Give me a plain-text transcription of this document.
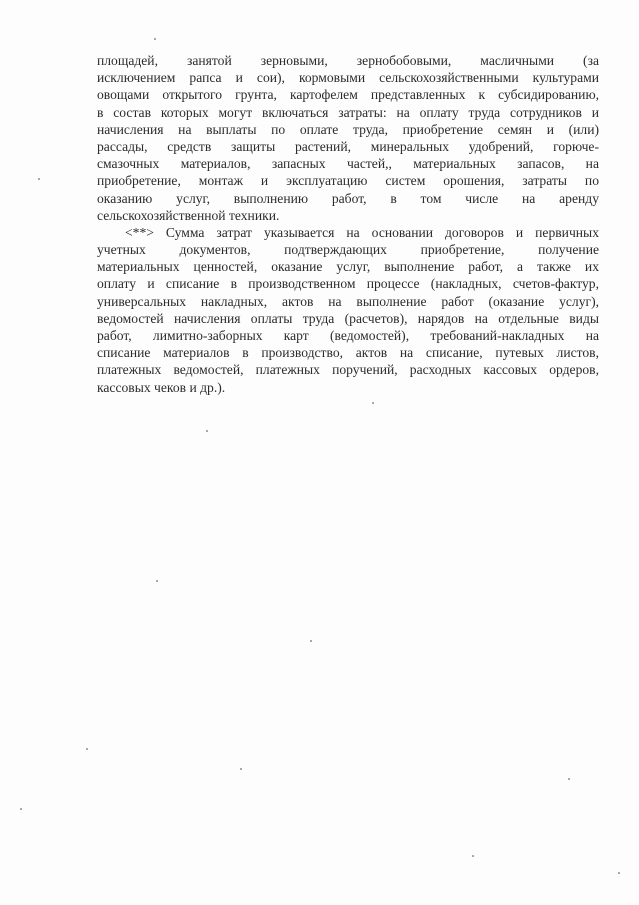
площадей, занятой зерновыми, зернобобовыми, масличными (за
исключением рапса и сои), кормовыми сельскохозяйственными культурами
овощами открытого грунта, картофелем представленных к субсидированию,
в состав которых могут включаться затраты: на оплату труда сотрудников и
начисления на выплаты по оплате труда, приобретение семян и (или)
рассады, средств защиты растений, минеральных удобрений, горюче-
смазочных материалов, запасных частей,, материальных запасов, на
приобретение, монтаж и эксплуатацию систем орошения, затраты по
оказанию услуг, выполнению работ, в том числе на аренду
сельскохозяйственной техники.
<**> Сумма затрат указывается на основании договоров и первичных
учетных документов, подтверждающих приобретение, получение
материальных ценностей, оказание услуг, выполнение работ, а также их
оплату и списание в производственном процессе (накладных, счетов-фактур,
универсальных накладных, актов на выполнение работ (оказание услуг),
ведомостей начисления оплаты труда (расчетов), нарядов на отдельные виды
работ, лимитно-заборных карт (ведомостей), требований-накладных на
списание материалов в производство, актов на списание, путевых листов,
платежных ведомостей, платежных поручений, расходных кассовых ордеров,
кассовых чеков и др.).
